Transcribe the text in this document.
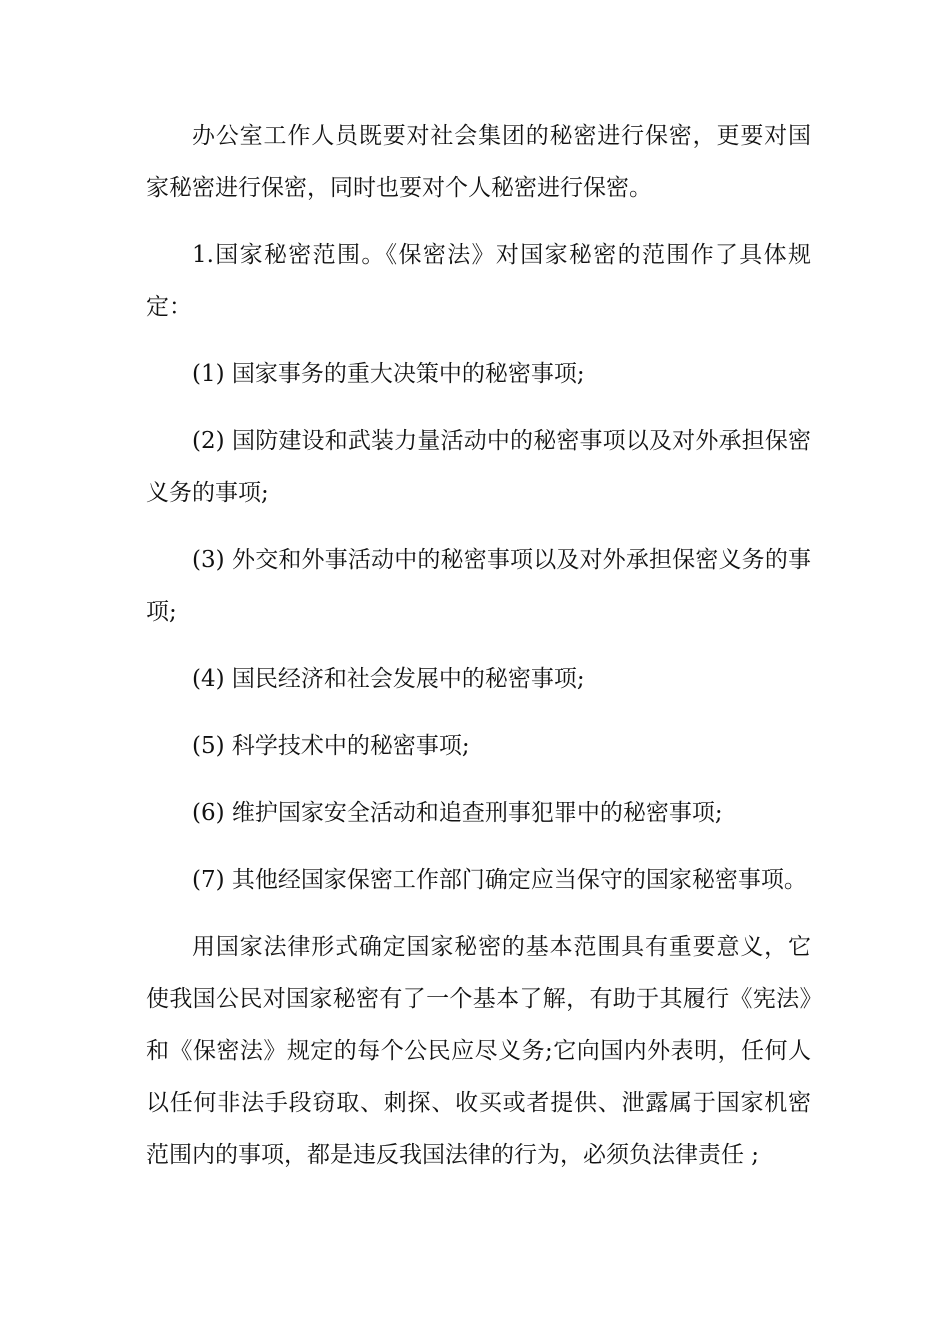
办公室工作人员既要对社会集团的秘密进行保密，更要对国家秘密进行保密，同时也要对个人秘密进行保密。

1.国家秘密范围。《保密法》对国家秘密的范围作了具体规定：

(1) 国家事务的重大决策中的秘密事项;

(2) 国防建设和武装力量活动中的秘密事项以及对外承担保密义务的事项;

(3) 外交和外事活动中的秘密事项以及对外承担保密义务的事项;

(4) 国民经济和社会发展中的秘密事项;

(5) 科学技术中的秘密事项;

(6) 维护国家安全活动和追查刑事犯罪中的秘密事项;

(7) 其他经国家保密工作部门确定应当保守的国家秘密事项。

用国家法律形式确定国家秘密的基本范围具有重要意义，它使我国公民对国家秘密有了一个基本了解，有助于其履行《宪法》和《保密法》规定的每个公民应尽义务;它向国内外表明，任何人以任何非法手段窃取、刺探、收买或者提供、泄露属于国家机密范围内的事项，都是违反我国法律的行为，必须负法律责任 ;
